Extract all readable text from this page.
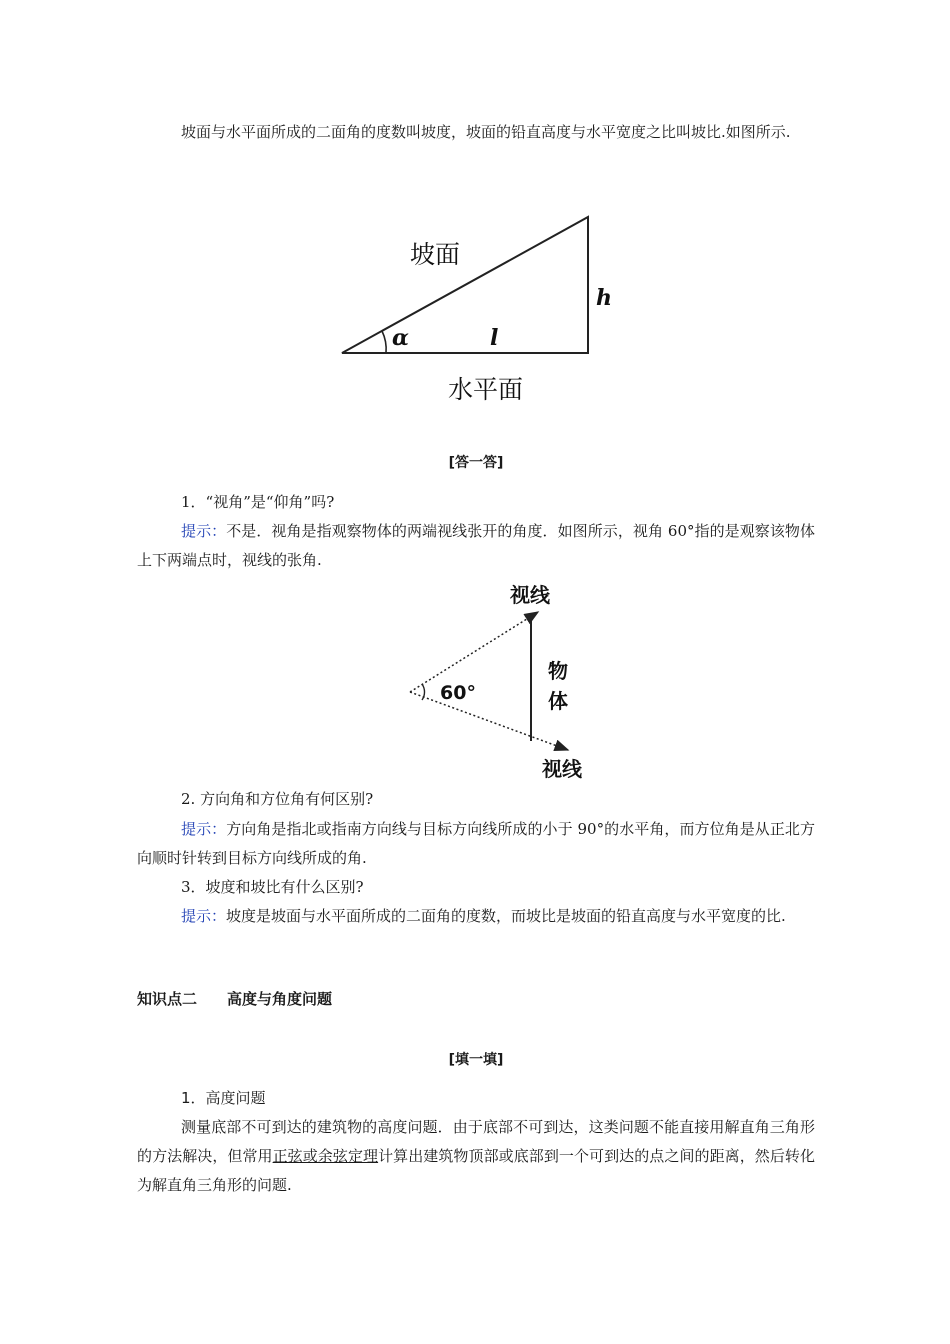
坡面与水平面所成的二面角的度数叫坡度，坡面的铅直高度与水平宽度之比叫坡比.如图所示.
坡面
h
α	l
水平面
[答一答]
1．“视角”是“仰角”吗?
提示：不是．视角是指观察物体的两端视线张开的角度．如图所示，视角 60°指的是观察该物体上下两端点时，视线的张角.
视线
60°
物
体
视线
2. 方向角和方位角有何区别?
提示：方向角是指北或指南方向线与目标方向线所成的小于 90°的水平角，而方位角是从正北方向顺时针转到目标方向线所成的角.
3．坡度和坡比有什么区别?
提示：坡度是坡面与水平面所成的二面角的度数，而坡比是坡面的铅直高度与水平宽度的比.
知识点二 高度与角度问题
[填一填]
1．高度问题
测量底部不可到达的建筑物的高度问题．由于底部不可到达，这类问题不能直接用解直角三角形的方法解决，但常用正弦或余弦定理计算出建筑物顶部或底部到一个可到达的点之间的距离，然后转化为解直角三角形的问题.
